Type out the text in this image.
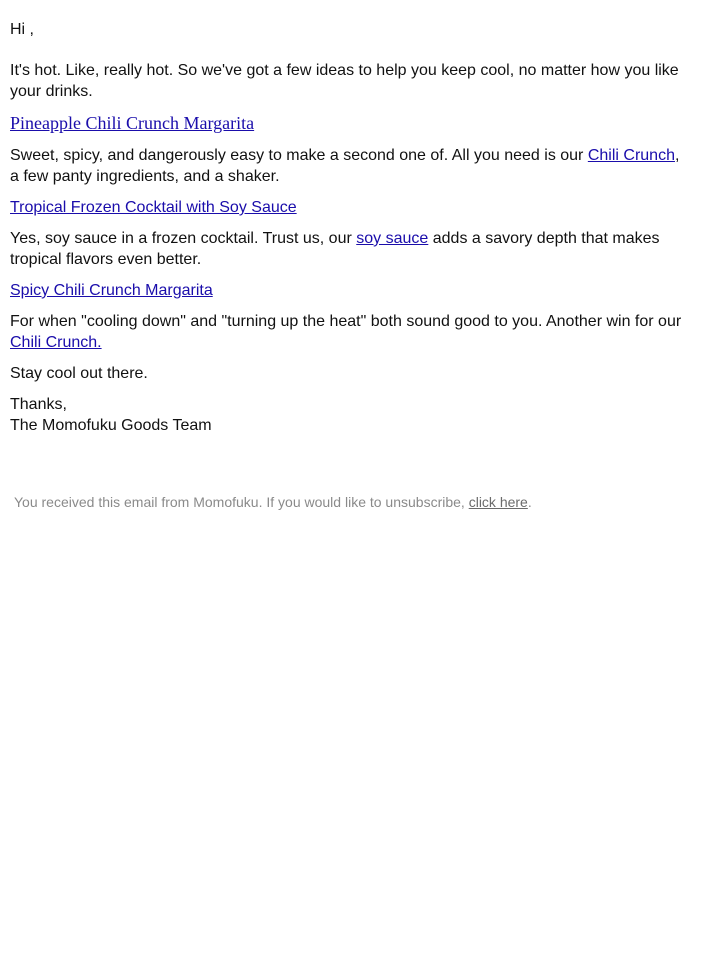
Hi ,

It's hot. Like, really hot. So we've got a few ideas to help you keep cool, no matter how you like your drinks.

Pineapple Chili Crunch Margarita

Sweet, spicy, and dangerously easy to make a second one of. All you need is our Chili Crunch, a few panty ingredients, and a shaker.

Tropical Frozen Cocktail with Soy Sauce

Yes, soy sauce in a frozen cocktail. Trust us, our soy sauce adds a savory depth that makes tropical flavors even better.

Spicy Chili Crunch Margarita

For when "cooling down" and "turning up the heat" both sound good to you. Another win for our Chili Crunch.

Stay cool out there.

Thanks,
The Momofuku Goods Team

You received this email from Momofuku. If you would like to unsubscribe, click here.
